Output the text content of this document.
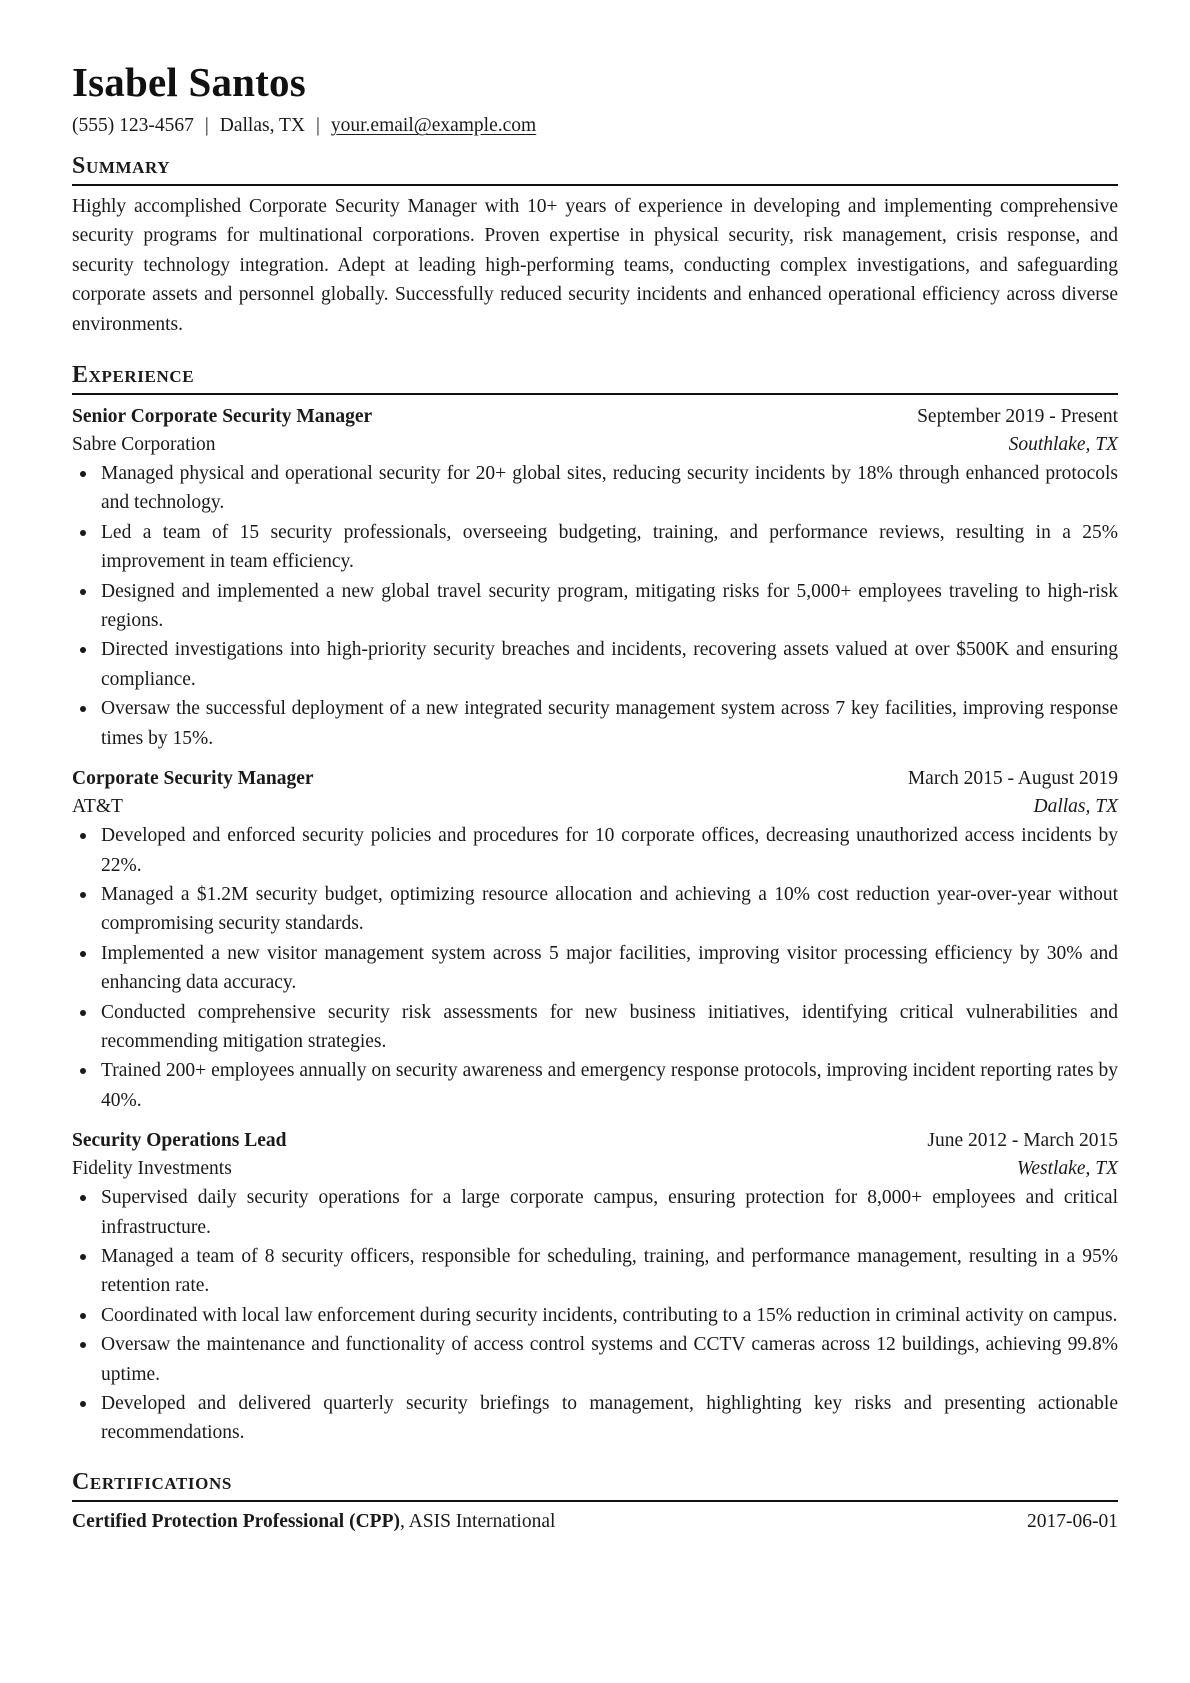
Isabel Santos
(555) 123-4567 | Dallas, TX | your.email@example.com
Summary

Highly accomplished Corporate Security Manager with 10+ years of experience in developing and implementing comprehensive security programs for multinational corporations. Proven expertise in physical security, risk management, crisis response, and security technology integration. Adept at leading high-performing teams, conducting complex investigations, and safeguarding corporate assets and personnel globally. Successfully reduced security incidents and enhanced operational efficiency across diverse environments.

Experience
Senior Corporate Security Manager	September 2019 - Present
Sabre Corporation	Southlake, TX
Managed physical and operational security for 20+ global sites, reducing security incidents by 18% through enhanced protocols and technology.
Led a team of 15 security professionals, overseeing budgeting, training, and performance reviews, resulting in a 25% improvement in team efficiency.
Designed and implemented a new global travel security program, mitigating risks for 5,000+ employees traveling to high-risk regions.
Directed investigations into high-priority security breaches and incidents, recovering assets valued at over $500K and ensuring compliance.
Oversaw the successful deployment of a new integrated security management system across 7 key facilities, improving response times by 15%.
Corporate Security Manager	March 2015 - August 2019
AT&T	Dallas, TX
Developed and enforced security policies and procedures for 10 corporate offices, decreasing unauthorized access incidents by 22%.
Managed a $1.2M security budget, optimizing resource allocation and achieving a 10% cost reduction year-over-year without compromising security standards.
Implemented a new visitor management system across 5 major facilities, improving visitor processing efficiency by 30% and enhancing data accuracy.
Conducted comprehensive security risk assessments for new business initiatives, identifying critical vulnerabilities and recommending mitigation strategies.
Trained 200+ employees annually on security awareness and emergency response protocols, improving incident reporting rates by 40%.
Security Operations Lead	June 2012 - March 2015
Fidelity Investments	Westlake, TX
Supervised daily security operations for a large corporate campus, ensuring protection for 8,000+ employees and critical infrastructure.
Managed a team of 8 security officers, responsible for scheduling, training, and performance management, resulting in a 95% retention rate.
Coordinated with local law enforcement during security incidents, contributing to a 15% reduction in criminal activity on campus.
Oversaw the maintenance and functionality of access control systems and CCTV cameras across 12 buildings, achieving 99.8% uptime.
Developed and delivered quarterly security briefings to management, highlighting key risks and presenting actionable recommendations.
Certifications
Certified Protection Professional (CPP), ASIS International	2017-06-01
